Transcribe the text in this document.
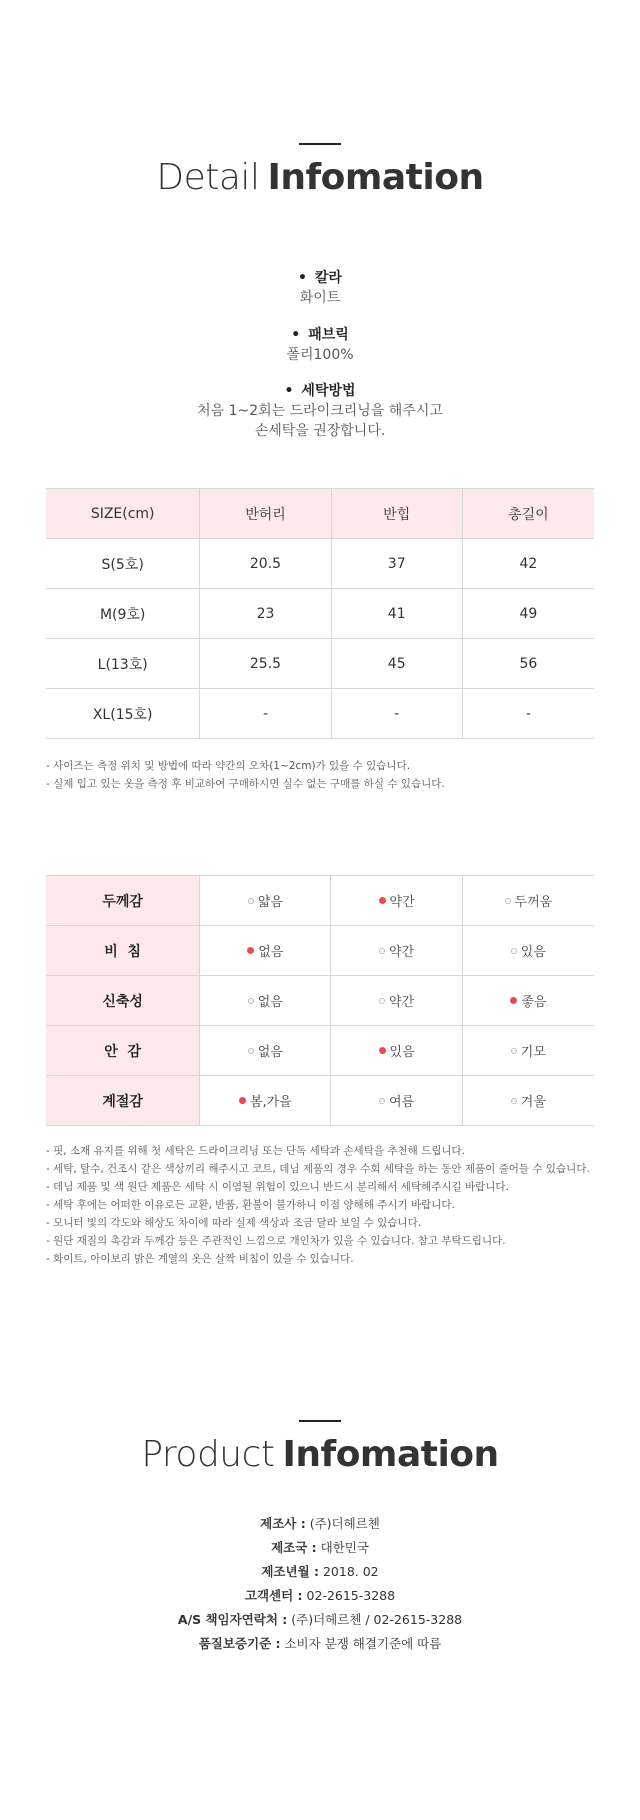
Detail Infomation
• 칼라
화이트
• 패브릭
폴리100%
• 세탁방법
처음 1~2회는 드라이크리닝을 해주시고
손세탁을 권장합니다.
SIZE(cm)	반허리	반힙	총길이
S(5호)	20.5	37	42
M(9호)	23	41	49
L(13호)	25.5	45	56
XL(15호)	-	-	-
- 사이즈는 측정 위치 및 방법에 따라 약간의 오차(1~2cm)가 있을 수 있습니다.
- 실제 입고 있는 옷을 측정 후 비교하여 구매하시면 실수 없는 구매를 하실 수 있습니다.
두께감	얇음	약간	두꺼움

비  침	없음	약간	있음

신축성	없음	약간	좋음

안  감	없음	있음	기모

계절감	봄,가을	여름	겨울
- 핏, 소재 유지를 위해 첫 세탁은 드라이크리닝 또는 단독 세탁과 손세탁을 추천해 드립니다.
- 세탁, 탈수, 건조시 같은 색상끼리 해주시고 코트, 데님 제품의 경우 수회 세탁을 하는 동안 제품이 줄어들 수 있습니다.
- 데님 제품 및 색 원단 제품은 세탁 시 이염될 위험이 있으니 반드시 분리해서 세탁해주시길 바랍니다.
- 세탁 후에는 어떠한 이유로든 교환, 반품, 환불이 불가하니 이점 양해해 주시기 바랍니다.
- 모니터 빛의 각도와 해상도 차이에 따라 실제 색상과 조금 달라 보일 수 있습니다.
- 원단 재질의 촉감과 두께감 등은 주관적인 느낌으로 개인차가 있을 수 있습니다. 참고 부탁드립니다.
- 화이트, 아이보리 밝은 계열의 옷은 살짝 비침이 있을 수 있습니다.
Product Infomation
제조사 : (주)더헤르첸
제조국 : 대한민국
제조년월 : 2018. 02
고객센터 : 02-2615-3288
A/S 책임자연락처 : (주)더헤르첸 / 02-2615-3288
품질보증기준 : 소비자 분쟁 해결기준에 따름
